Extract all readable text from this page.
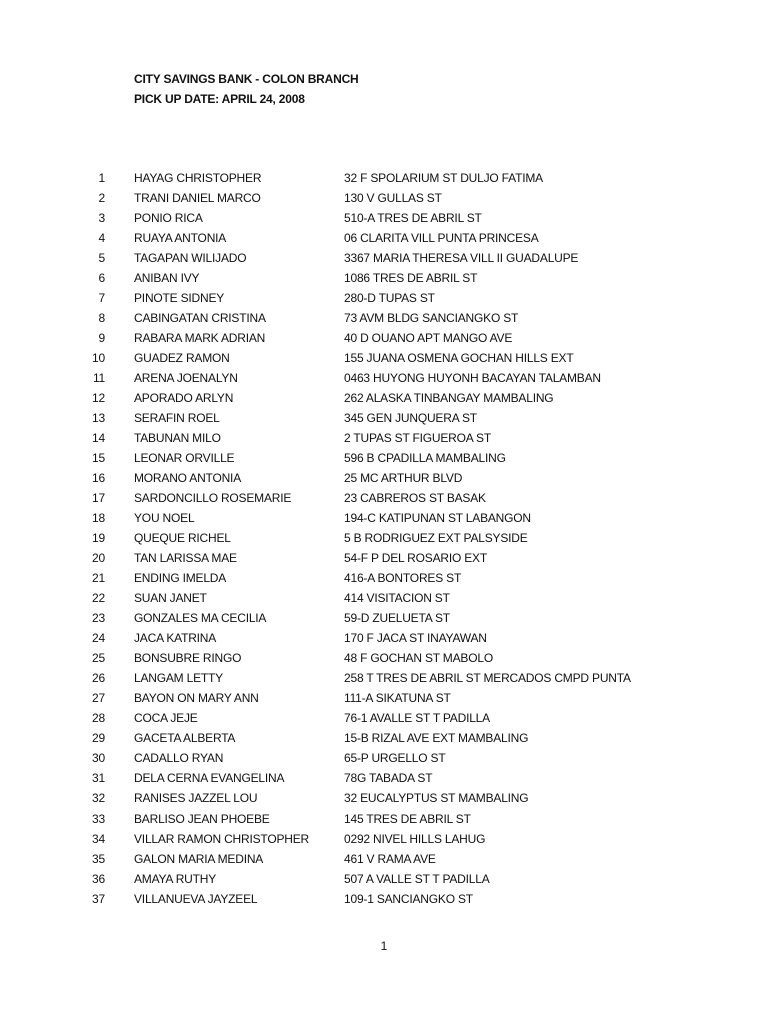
CITY SAVINGS BANK - COLON BRANCH
PICK UP DATE: APRIL 24, 2008
1 HAYAG CHRISTOPHER	32 F SPOLARIUM ST DULJO FATIMA
2 TRANI DANIEL MARCO	130 V GULLAS ST
3 PONIO RICA	510-A TRES DE ABRIL ST
4 RUAYA ANTONIA	06 CLARITA VILL PUNTA PRINCESA
5 TAGAPAN WILIJADO	3367 MARIA THERESA VILL II GUADALUPE
6 ANIBAN IVY	1086 TRES DE ABRIL ST
7 PINOTE SIDNEY	280-D TUPAS ST
8 CABINGATAN CRISTINA	73 AVM BLDG SANCIANGKO ST
9 RABARA MARK ADRIAN	40 D OUANO APT MANGO AVE
10 GUADEZ RAMON	155 JUANA OSMENA GOCHAN HILLS EXT
11 ARENA JOENALYN	0463 HUYONG HUYONH BACAYAN TALAMBAN
12 APORADO ARLYN	262 ALASKA TINBANGAY MAMBALING
13 SERAFIN ROEL	345 GEN JUNQUERA ST
14 TABUNAN MILO	2 TUPAS ST FIGUEROA ST
15 LEONAR ORVILLE	596 B CPADILLA MAMBALING
16 MORANO ANTONIA	25 MC ARTHUR BLVD
17 SARDONCILLO ROSEMARIE	23 CABREROS ST BASAK
18 YOU NOEL	194-C KATIPUNAN ST LABANGON
19 QUEQUE RICHEL	5 B RODRIGUEZ EXT PALSYSIDE
20 TAN LARISSA MAE	54-F P DEL ROSARIO EXT
21 ENDING IMELDA	416-A BONTORES ST
22 SUAN JANET	414 VISITACION ST
23 GONZALES MA CECILIA	59-D ZUELUETA ST
24 JACA KATRINA	170 F JACA ST INAYAWAN
25 BONSUBRE RINGO	48 F GOCHAN ST MABOLO
26 LANGAM LETTY	258 T TRES DE ABRIL ST MERCADOS CMPD PUNTA
27 BAYON ON MARY ANN	111-A SIKATUNA ST
28 COCA JEJE	76-1 AVALLE ST T PADILLA
29 GACETA ALBERTA	15-B RIZAL AVE EXT MAMBALING
30 CADALLO RYAN	65-P URGELLO ST
31 DELA CERNA EVANGELINA	78G TABADA ST
32 RANISES JAZZEL LOU	32 EUCALYPTUS ST MAMBALING
33 BARLISO JEAN PHOEBE	145 TRES DE ABRIL ST
34 VILLAR RAMON CHRISTOPHER	0292 NIVEL HILLS LAHUG
35 GALON MARIA MEDINA	461 V RAMA AVE
36 AMAYA RUTHY	507 A VALLE ST T PADILLA
37 VILLANUEVA JAYZEEL	109-1 SANCIANGKO ST
1
